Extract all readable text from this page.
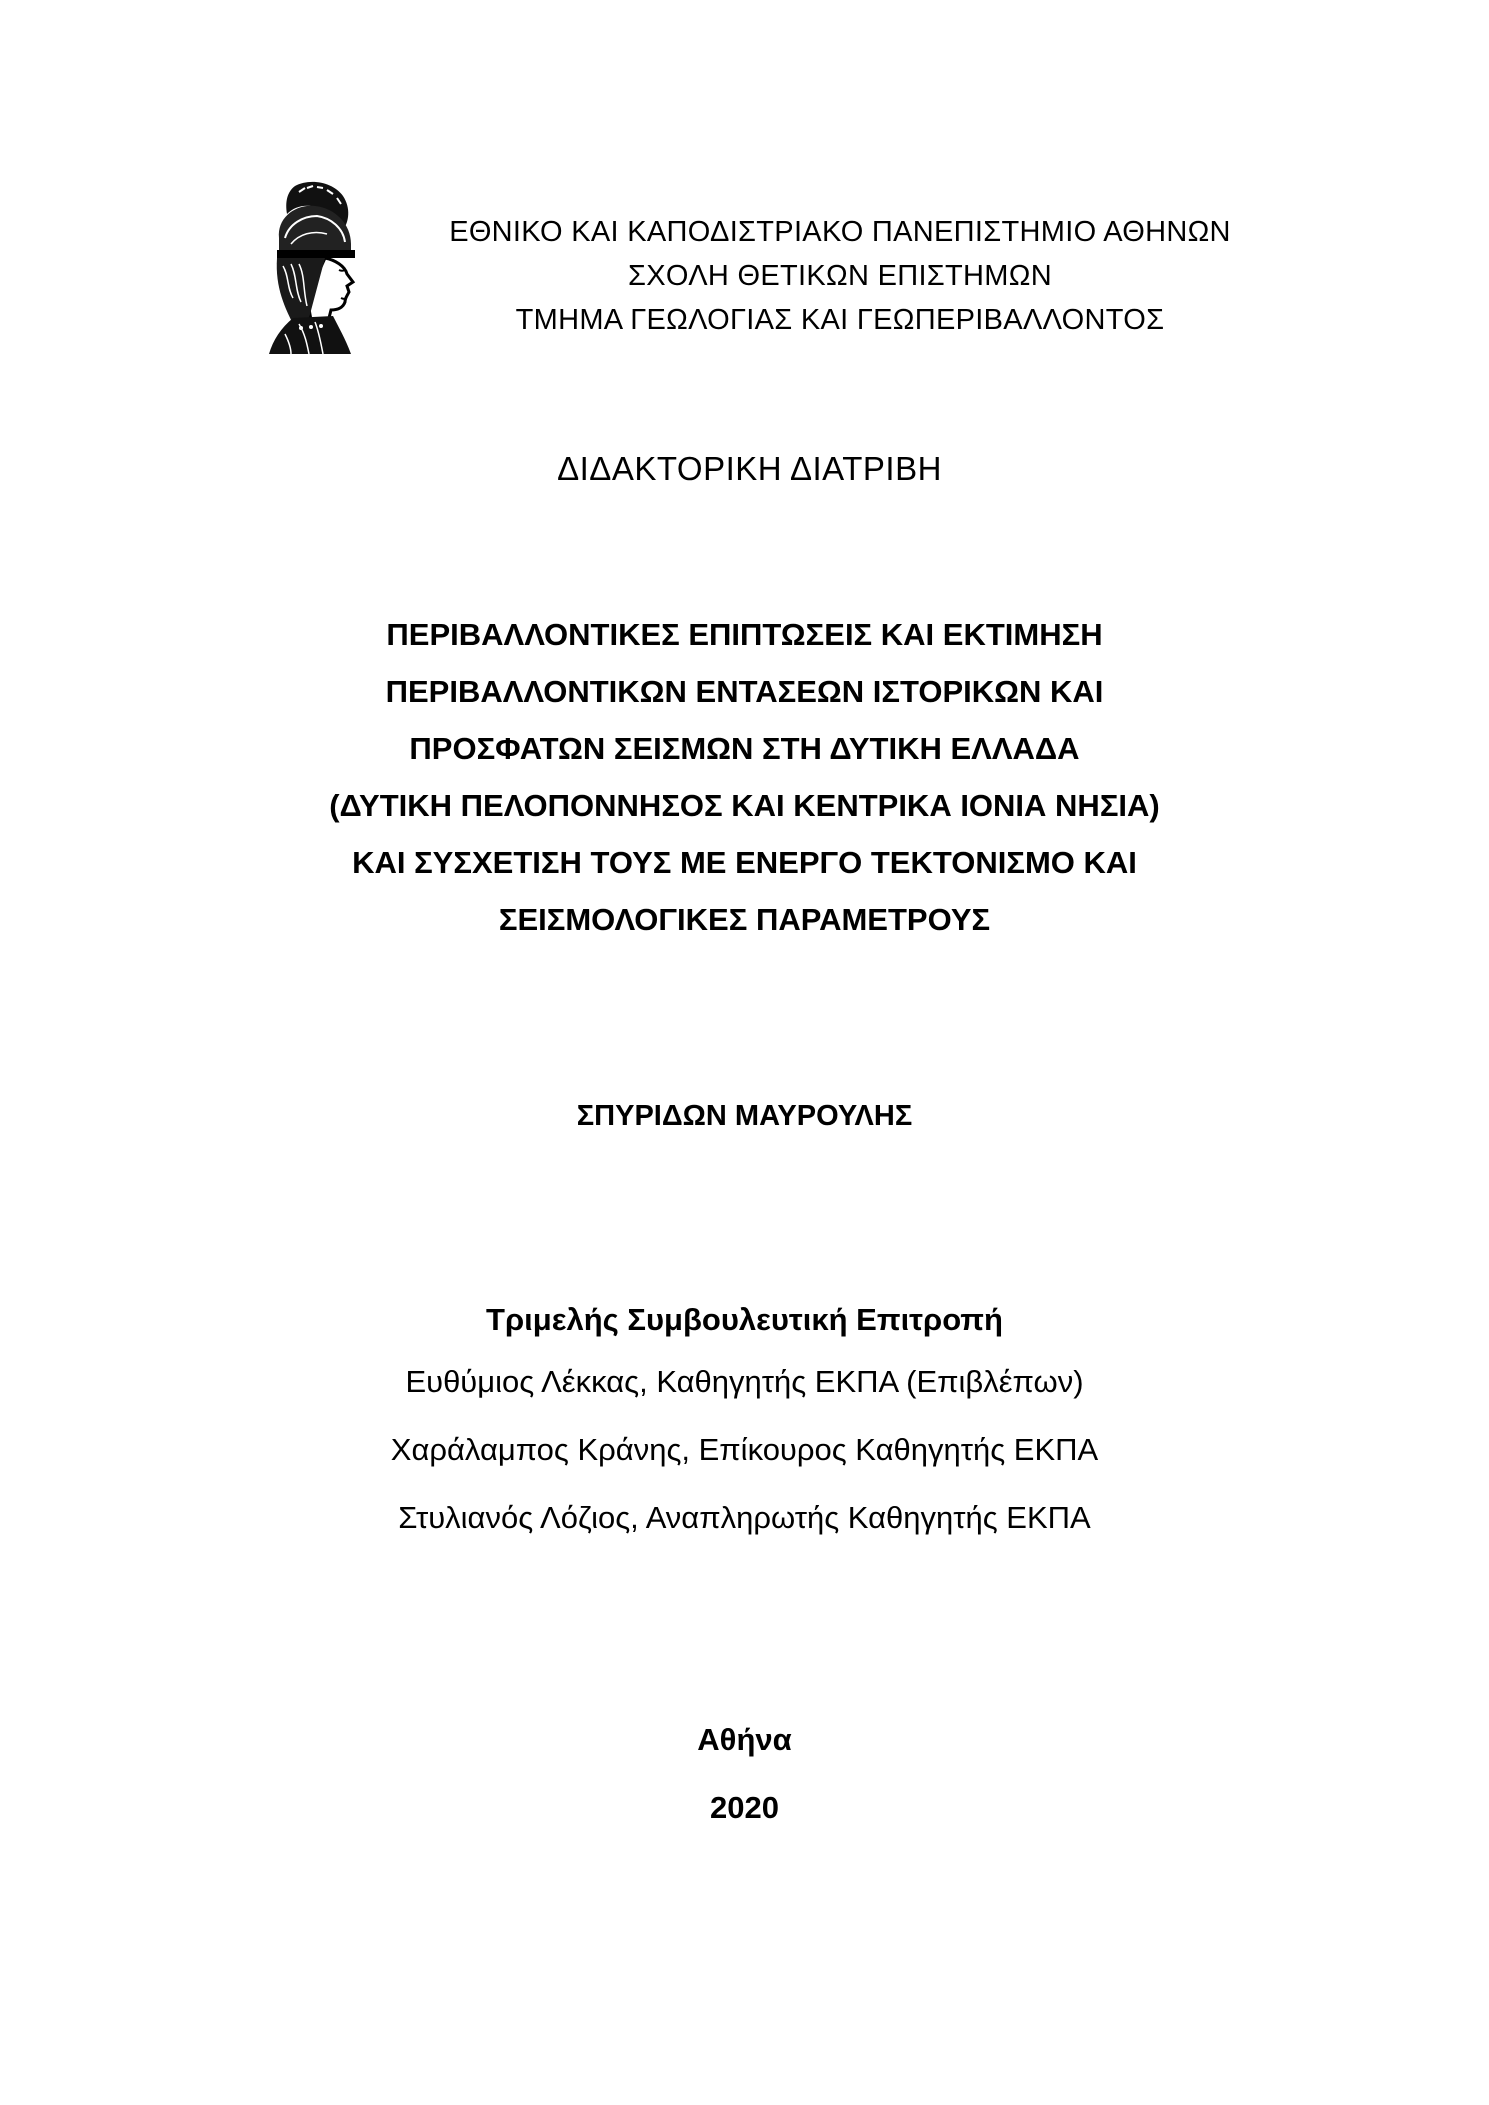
ΕΘΝΙΚΟ ΚΑΙ ΚΑΠΟΔΙΣΤΡΙΑΚΟ ΠΑΝΕΠΙΣΤΗΜΙΟ ΑΘΗΝΩΝ
ΣΧΟΛΗ ΘΕΤΙΚΩΝ ΕΠΙΣΤΗΜΩΝ
ΤΜΗΜΑ ΓΕΩΛΟΓΙΑΣ ΚΑΙ ΓΕΩΠΕΡΙΒΑΛΛΟΝΤΟΣ
ΔΙΔΑΚΤΟΡΙΚΗ ΔΙΑΤΡΙΒΗ
ΠΕΡΙΒΑΛΛΟΝΤΙΚΕΣ ΕΠΙΠΤΩΣΕΙΣ ΚΑΙ ΕΚΤΙΜΗΣΗ
ΠΕΡΙΒΑΛΛΟΝΤΙΚΩΝ ΕΝΤΑΣΕΩΝ ΙΣΤΟΡΙΚΩΝ ΚΑΙ
ΠΡΟΣΦΑΤΩΝ ΣΕΙΣΜΩΝ ΣΤΗ ΔΥΤΙΚΗ ΕΛΛΑΔΑ
(ΔΥΤΙΚΗ ΠΕΛΟΠΟΝΝΗΣΟΣ ΚΑΙ ΚΕΝΤΡΙΚΑ ΙΟΝΙΑ ΝΗΣΙΑ)
ΚΑΙ ΣΥΣΧΕΤΙΣΗ ΤΟΥΣ ΜΕ ΕΝΕΡΓΟ ΤΕΚΤΟΝΙΣΜΟ ΚΑΙ
ΣΕΙΣΜΟΛΟΓΙΚΕΣ ΠΑΡΑΜΕΤΡΟΥΣ
ΣΠΥΡΙΔΩΝ ΜΑΥΡΟΥΛΗΣ
Τριμελής Συμβουλευτική Επιτροπή
Ευθύμιος Λέκκας, Καθηγητής ΕΚΠΑ (Επιβλέπων)
Χαράλαμπος Κράνης, Επίκουρος Καθηγητής ΕΚΠΑ
Στυλιανός Λόζιος, Αναπληρωτής Καθηγητής ΕΚΠΑ
Αθήνα
2020
